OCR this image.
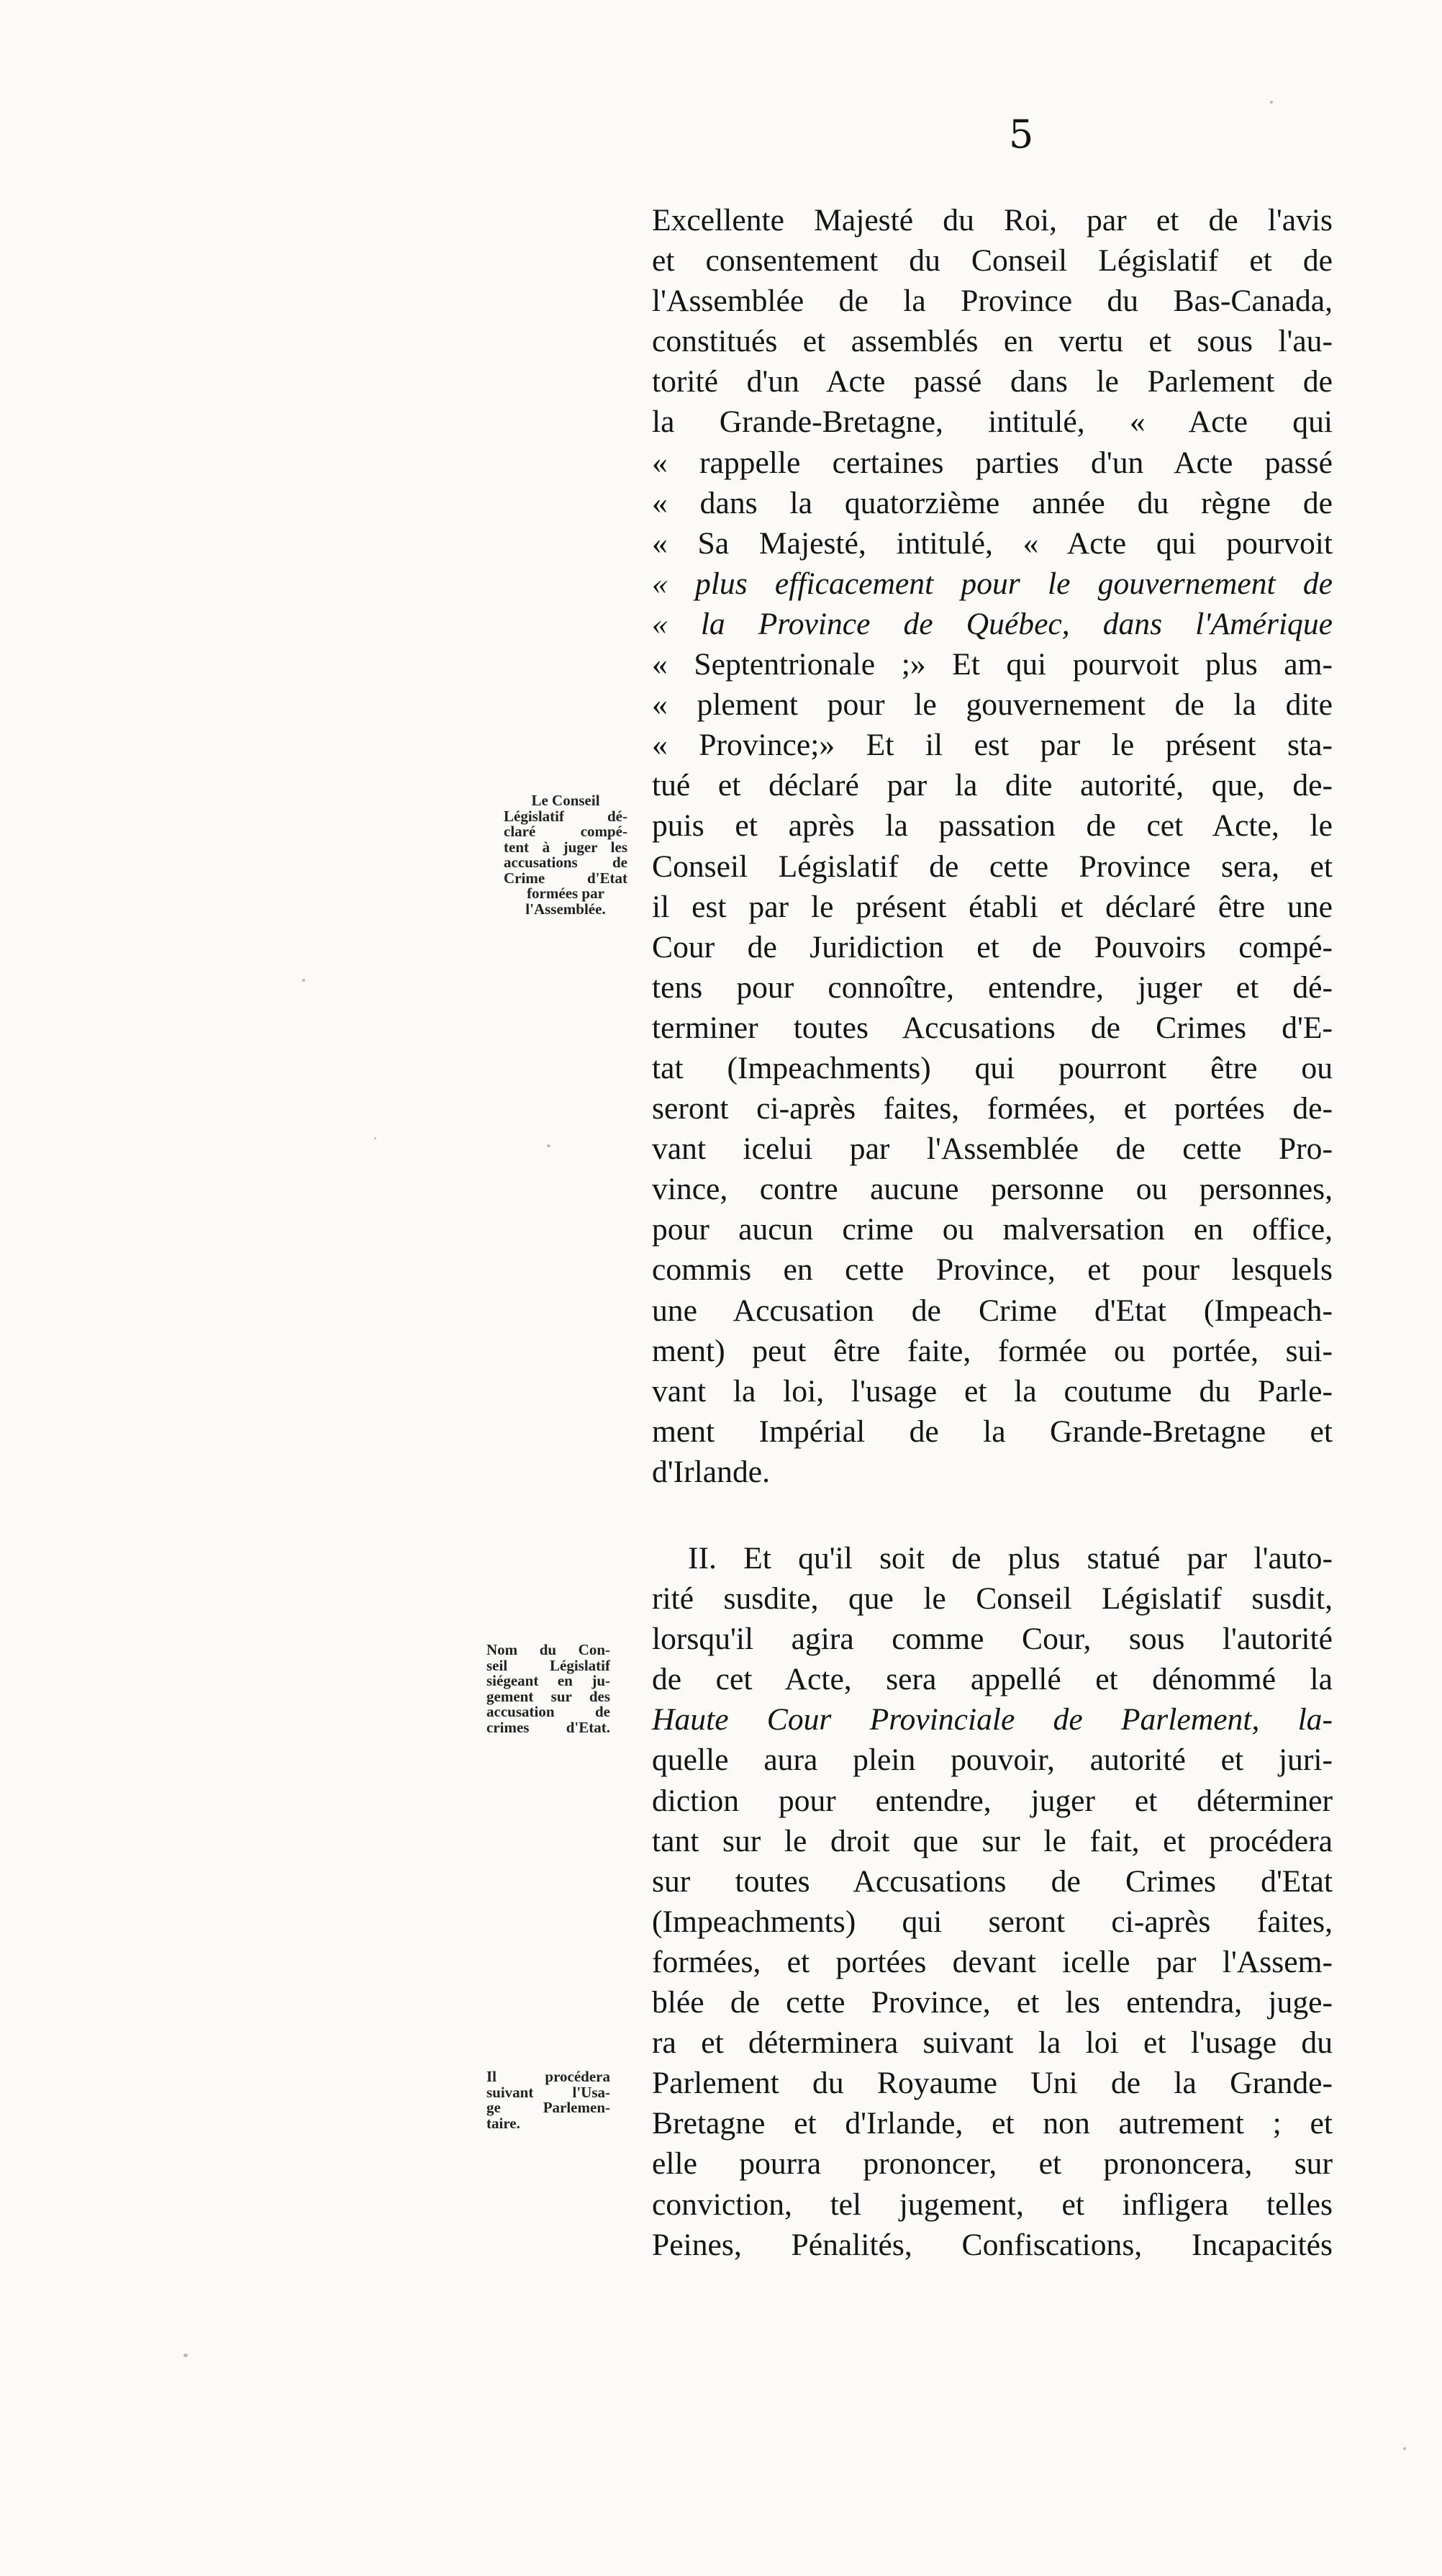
5
Le Conseil
Législatif dé-
claré compé-
tent à juger les
accusations de
Crime d'Etat
formées par
l'Assemblée.
Nom du Con-
seil Législatif
siégeant en ju-
gement sur des
accusation de
crimes d'Etat.
Il procédera
suivant l'Usa-
ge Parlemen-
taire.
Excellente Majesté du Roi, par et de l'avis
et consentement du Conseil Législatif et de
l'Assemblée de la Province du Bas-Canada,
constitués et assemblés en vertu et sous l'au-
torité d'un Acte passé dans le Parlement de
la Grande-Bretagne, intitulé, « Acte qui
« rappelle certaines parties d'un Acte passé
« dans la quatorzième année du règne de
« Sa Majesté, intitulé, « Acte qui pourvoit
« plus efficacement pour le gouvernement de
« la Province de Québec, dans l'Amérique
« Septentrionale ;» Et qui pourvoit plus am-
« plement pour le gouvernement de la dite
« Province;» Et il est par le présent sta-
tué et déclaré par la dite autorité, que, de-
puis et après la passation de cet Acte, le
Conseil Législatif de cette Province sera, et
il est par le présent établi et déclaré être une
Cour de Juridiction et de Pouvoirs compé-
tens pour connoître, entendre, juger et dé-
terminer toutes Accusations de Crimes d'E-
tat (Impeachments) qui pourront être ou
seront ci-après faites, formées, et portées de-
vant icelui par l'Assemblée de cette Pro-
vince, contre aucune personne ou personnes,
pour aucun crime ou malversation en office,
commis en cette Province, et pour lesquels
une Accusation de Crime d'Etat (Impeach-
ment) peut être faite, formée ou portée, sui-
vant la loi, l'usage et la coutume du Parle-
ment Impérial de la Grande-Bretagne et
d'Irlande.
II. Et qu'il soit de plus statué par l'auto-
rité susdite, que le Conseil Législatif susdit,
lorsqu'il agira comme Cour, sous l'autorité
de cet Acte, sera appellé et dénommé la
Haute Cour Provinciale de Parlement, la-
quelle aura plein pouvoir, autorité et juri-
diction pour entendre, juger et déterminer
tant sur le droit que sur le fait, et procédera
sur toutes Accusations de Crimes d'Etat
(Impeachments) qui seront ci-après faites,
formées, et portées devant icelle par l'Assem-
blée de cette Province, et les entendra, juge-
ra et déterminera suivant la loi et l'usage du
Parlement du Royaume Uni de la Grande-
Bretagne et d'Irlande, et non autrement ; et
elle pourra prononcer, et prononcera, sur
conviction, tel jugement, et infligera telles
Peines, Pénalités, Confiscations, Incapacités
